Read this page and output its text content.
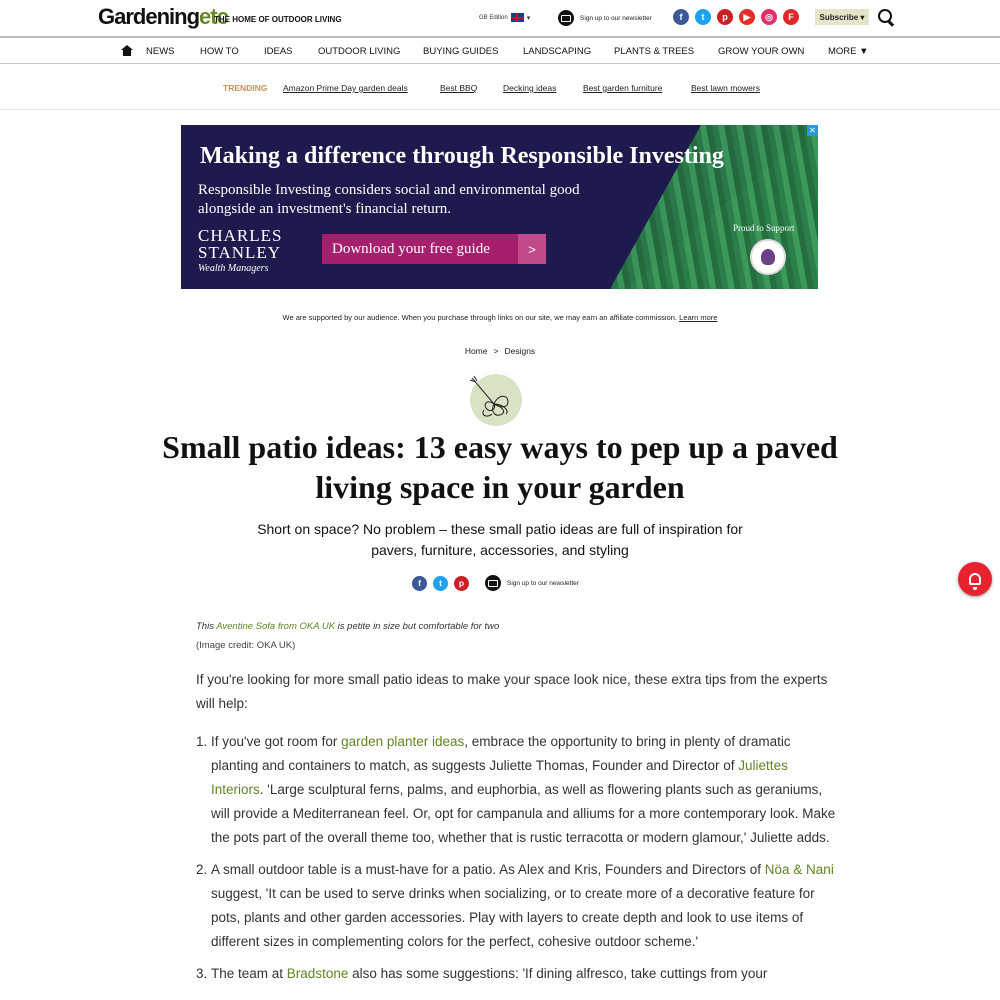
Gardeningetc
THE HOME OF OUTDOOR LIVING	GB Edition	▾	Sign up to our newsletter	f	t	p	▶	◎	F	Subscribe ▾
NEWS	HOW TO	IDEAS	OUTDOOR LIVING BUYING GUIDES	LANDSCAPING PLANTS & TREES	GROW YOUR OWN MORE ▼
TRENDING Amazon Prime Day garden deals	Best BBQ	Decking ideas	Best garden furniture	Best lawn mowers
Making a difference through Responsible Investing
Responsible Investing considers social and environmental good alongside an investment's financial return.
CHARLES
STANLEY
Wealth Managers
Download your free guide	>
Proud to Support
✕
We are supported by our audience. When you purchase through links on our site, we may earn an affiliate commission. Learn more
Home > Designs
Small patio ideas: 13 easy ways to pep up a paved living space in your garden

Short on space? No problem – these small patio ideas are full of inspiration for pavers, furniture, accessories, and styling

f	t	p	Sign up to our newsletter
This Aventine Sofa from OKA UK is petite in size but comfortable for two
(Image credit: OKA UK)

If you're looking for more small patio ideas to make your space look nice, these extra tips from the experts will help:

1. If you've got room for garden planter ideas, embrace the opportunity to bring in plenty of dramatic planting and containers to match, as suggests Juliette Thomas, Founder and Director of Juliettes Interiors. 'Large sculptural ferns, palms, and euphorbia, as well as flowering plants such as geraniums, will provide a Mediterranean feel. Or, opt for campanula and alliums for a more contemporary look. Make the pots part of the overall theme too, whether that is rustic terracotta or modern glamour,' Juliette adds.
2. A small outdoor table is a must-have for a patio. As Alex and Kris, Founders and Directors of Nöa & Nani suggest, 'It can be used to serve drinks when socializing, or to create more of a decorative feature for pots, plants and other garden accessories. Play with layers to create depth and look to use items of different sizes in complementing colors for the perfect, cohesive outdoor scheme.'
3. The team at Bradstone also has some suggestions: 'If dining alfresco, take cuttings from your
